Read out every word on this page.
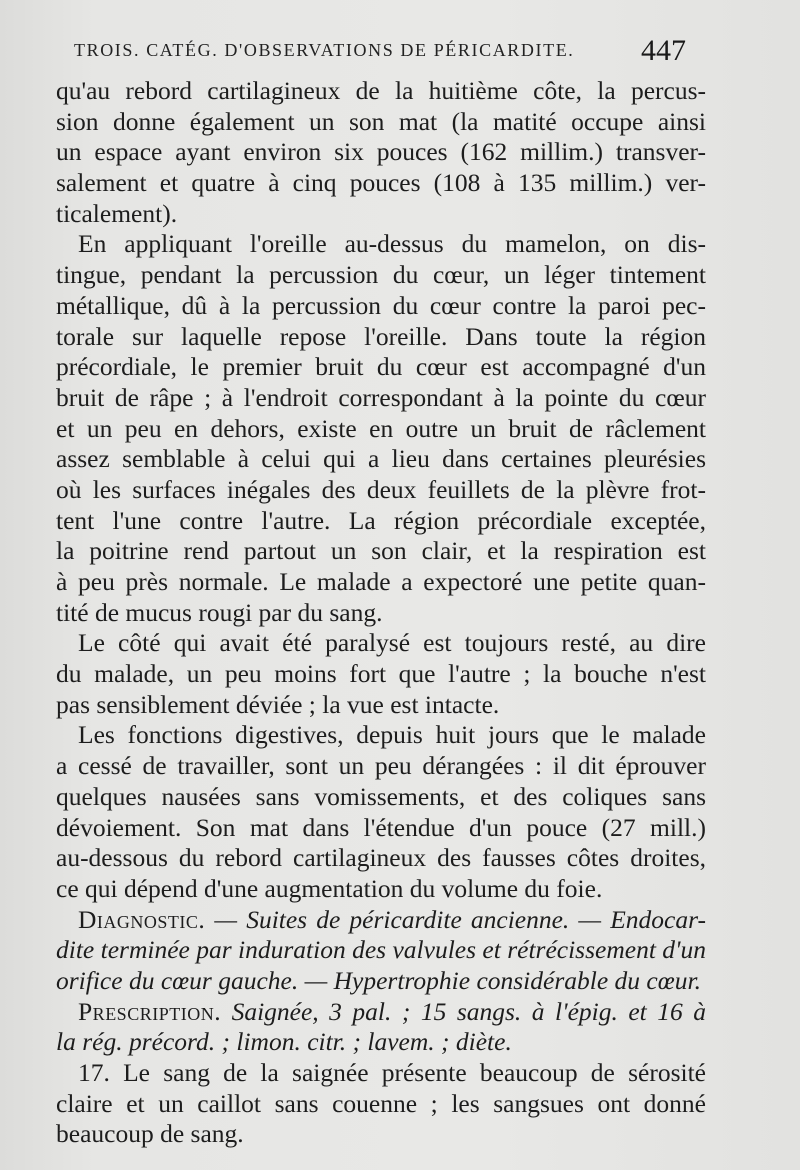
TROIS. CATÉG. D'OBSERVATIONS DE PÉRICARDITE. 447
qu'au rebord cartilagineux de la huitième côte, la percus-
sion donne également un son mat (la matité occupe ainsi
un espace ayant environ six pouces (162 millim.) transver-
salement et quatre à cinq pouces (108 à 135 millim.) ver-
ticalement).
En appliquant l'oreille au-dessus du mamelon, on dis-
tingue, pendant la percussion du cœur, un léger tintement
métallique, dû à la percussion du cœur contre la paroi pec-
torale sur laquelle repose l'oreille. Dans toute la région
précordiale, le premier bruit du cœur est accompagné d'un
bruit de râpe ; à l'endroit correspondant à la pointe du cœur
et un peu en dehors, existe en outre un bruit de râclement
assez semblable à celui qui a lieu dans certaines pleurésies
où les surfaces inégales des deux feuillets de la plèvre frot-
tent l'une contre l'autre. La région précordiale exceptée,
la poitrine rend partout un son clair, et la respiration est
à peu près normale. Le malade a expectoré une petite quan-
tité de mucus rougi par du sang.
Le côté qui avait été paralysé est toujours resté, au dire
du malade, un peu moins fort que l'autre ; la bouche n'est
pas sensiblement déviée ; la vue est intacte.
Les fonctions digestives, depuis huit jours que le malade
a cessé de travailler, sont un peu dérangées : il dit éprouver
quelques nausées sans vomissements, et des coliques sans
dévoiement. Son mat dans l'étendue d'un pouce (27 mill.)
au-dessous du rebord cartilagineux des fausses côtes droites,
ce qui dépend d'une augmentation du volume du foie.
Diagnostic. — Suites de péricardite ancienne. — Endocar-
dite terminée par induration des valvules et rétrécissement d'un
orifice du cœur gauche. — Hypertrophie considérable du cœur.
Prescription. Saignée, 3 pal. ; 15 sangs. à l'épig. et 16 à
la rég. précord. ; limon. citr. ; lavem. ; diète.
17. Le sang de la saignée présente beaucoup de sérosité
claire et un caillot sans couenne ; les sangsues ont donné
beaucoup de sang.
